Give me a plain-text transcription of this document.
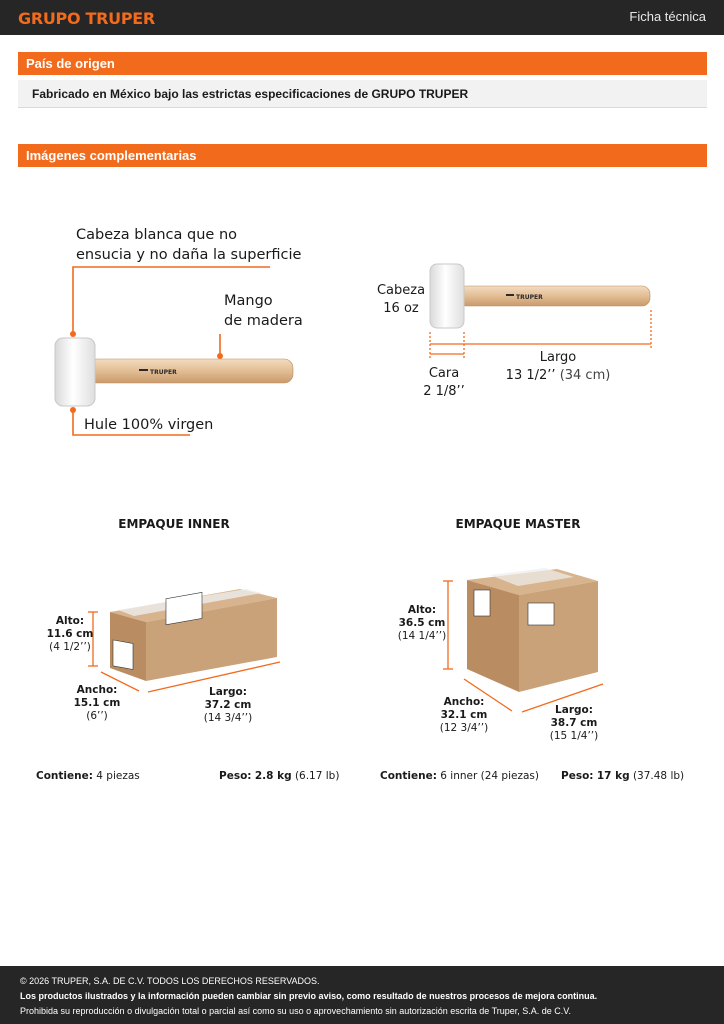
GRUPO TRUPER	Ficha técnica
País de origen
Fabricado en México bajo las estrictas especificaciones de GRUPO TRUPER
Imágenes complementarias
TRUPER
TRUPER
Cabeza blanca que no
ensucia y no daña la superficie
Mango
de madera
Hule 100% virgen
Cabeza
16 oz
Cara
2 1/8’’
Largo
13 1/2’’ (34 cm)
EMPAQUE INNER	EMPAQUE MASTER
Alto:
11.6 cm
(4 1/2’’)
Ancho:
15.1 cm
(6’’)
Largo:
37.2 cm
(14 3/4’’)
Alto:
36.5 cm
(14 1/4’’)
Ancho:
32.1 cm
(12 3/4’’)
Largo:
38.7 cm
(15 1/4’’)
Contiene: 4 piezas	Peso: 2.8 kg (6.17 lb)	Contiene: 6 inner (24 piezas) Peso: 17 kg (37.48 lb)
© 2026 TRUPER, S.A. DE C.V. TODOS LOS DERECHOS RESERVADOS.
Los productos ilustrados y la información pueden cambiar sin previo aviso, como resultado de nuestros procesos de mejora continua.
Prohibida su reproducción o divulgación total o parcial así como su uso o aprovechamiento sin autorización escrita de Truper, S.A. de C.V.
